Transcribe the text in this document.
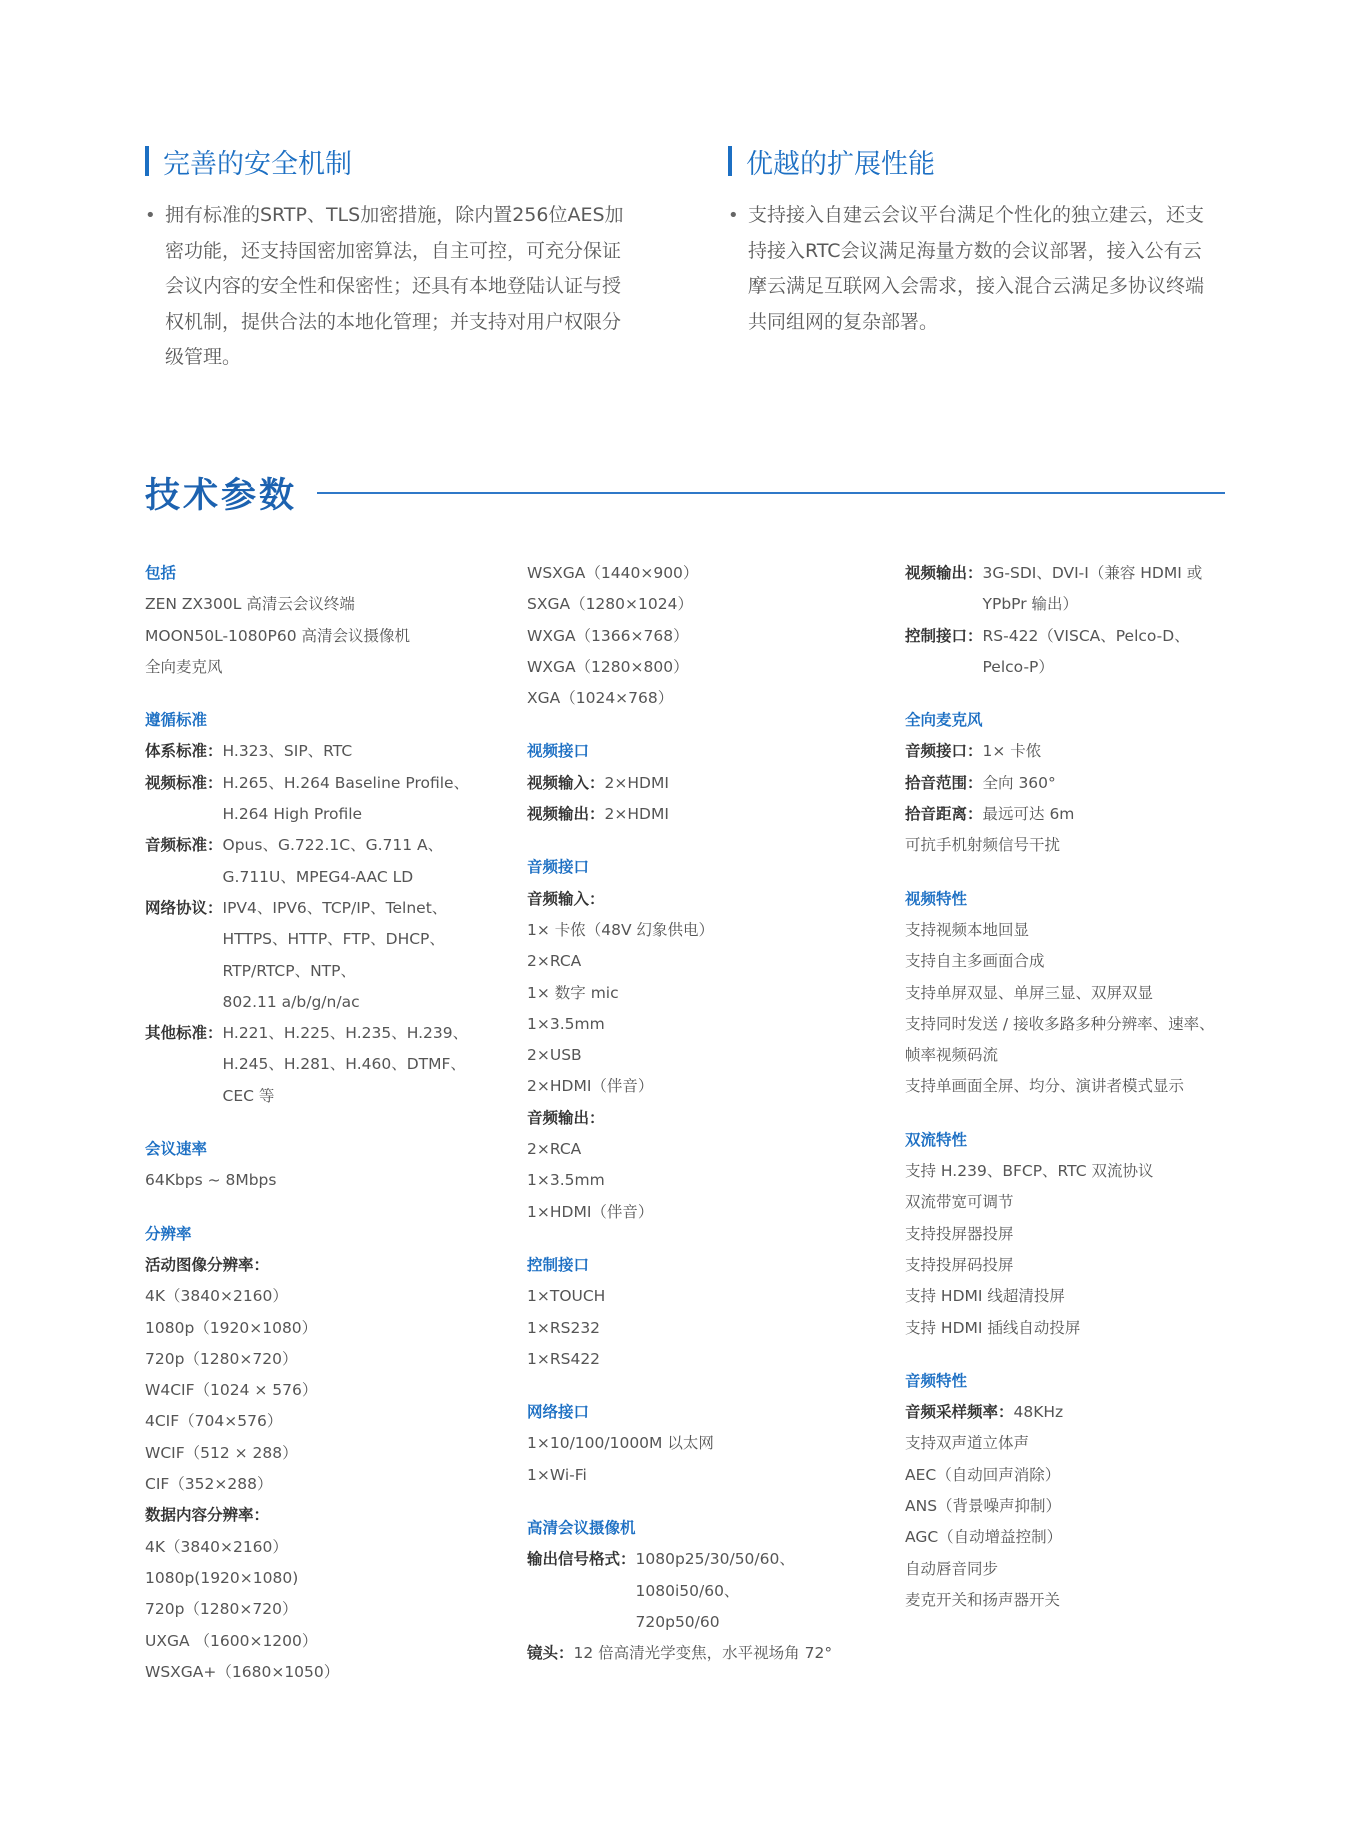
完善的安全机制
• 拥有标准的SRTP、TLS加密措施，除内置256位AES加
密功能，还支持国密加密算法，自主可控，可充分保证
会议内容的安全性和保密性；还具有本地登陆认证与授
权机制，提供合法的本地化管理；并支持对用户权限分
级管理。
优越的扩展性能
• 支持接入自建云会议平台满足个性化的独立建云，还支
持接入RTC会议满足海量方数的会议部署，接入公有云
摩云满足互联网入会需求，接入混合云满足多协议终端
共同组网的复杂部署。
技术参数
包括
ZEN ZX300L 高清云会议终端
MOON50L-1080P60 高清会议摄像机
全向麦克风
遵循标准
体系标准： H.323、SIP、RTC
视频标准： H.265、H.264 Baseline Profile、
H.264 High Profile
音频标准： Opus、G.722.1C、G.711 A、
G.711U、MPEG4-AAC LD
网络协议： IPV4、IPV6、TCP/IP、Telnet、
HTTPS、HTTP、FTP、DHCP、
RTP/RTCP、NTP、
802.11 a/b/g/n/ac
其他标准： H.221、H.225、H.235、H.239、
H.245、H.281、H.460、DTMF、
CEC 等
会议速率
64Kbps ~ 8Mbps
分辨率
活动图像分辨率：
4K（3840×2160）
1080p（1920×1080）
720p（1280×720）
W4CIF（1024 × 576）
4CIF（704×576）
WCIF（512 × 288）
CIF（352×288）
数据内容分辨率：
4K（3840×2160）
1080p(1920×1080)
720p（1280×720）
UXGA （1600×1200）
WSXGA+（1680×1050）
WSXGA（1440×900）
SXGA（1280×1024）
WXGA（1366×768）
WXGA（1280×800）
XGA（1024×768）
视频接口
视频输入： 2×HDMI
视频输出： 2×HDMI
音频接口
音频输入：
1× 卡侬（48V 幻象供电）
2×RCA
1× 数字 mic
1×3.5mm
2×USB
2×HDMI（伴音）
音频输出：
2×RCA
1×3.5mm
1×HDMI（伴音）
控制接口
1×TOUCH
1×RS232
1×RS422
网络接口
1×10/100/1000M 以太网
1×Wi-Fi
高清会议摄像机
输出信号格式： 1080p25/30/50/60、
1080i50/60、
720p50/60
镜头： 12 倍高清光学变焦，水平视场角 72°
视频输出： 3G-SDI、DVI-I（兼容 HDMI 或
YPbPr 输出）
控制接口： RS-422（VISCA、Pelco-D、
Pelco-P）
全向麦克风
音频接口： 1× 卡侬
拾音范围： 全向 360°
拾音距离： 最远可达 6m
可抗手机射频信号干扰
视频特性
支持视频本地回显
支持自主多画面合成
支持单屏双显、单屏三显、双屏双显
支持同时发送 / 接收多路多种分辨率、速率、
帧率视频码流
支持单画面全屏、均分、演讲者模式显示
双流特性
支持 H.239、BFCP、RTC 双流协议
双流带宽可调节
支持投屏器投屏
支持投屏码投屏
支持 HDMI 线超清投屏
支持 HDMI 插线自动投屏
音频特性
音频采样频率： 48KHz
支持双声道立体声
AEC（自动回声消除）
ANS（背景噪声抑制）
AGC（自动增益控制）
自动唇音同步
麦克开关和扬声器开关
